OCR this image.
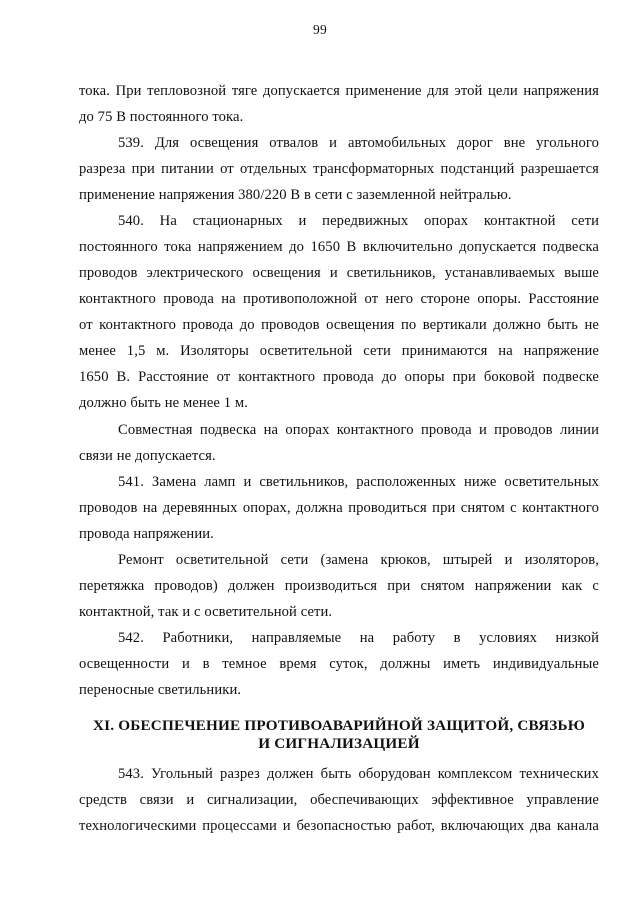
99
тока. При тепловозной тяге допускается применение для этой цели напряжения
до 75 В постоянного тока.
539. Для освещения отвалов и автомобильных дорог вне угольного
разреза при питании от отдельных трансформаторных подстанций разрешается
применение напряжения 380/220 В в сети с заземленной нейтралью.
540. На стационарных и передвижных опорах контактной сети
постоянного тока напряжением до 1650 В включительно допускается подвеска
проводов электрического освещения и светильников, устанавливаемых выше
контактного провода на противоположной от него стороне опоры. Расстояние
от контактного провода до проводов освещения по вертикали должно быть не
менее 1,5 м. Изоляторы осветительной сети принимаются на напряжение
1650 В. Расстояние от контактного провода до опоры при боковой подвеске
должно быть не менее 1 м.
Совместная подвеска на опорах контактного провода и проводов линии
связи не допускается.
541. Замена ламп и светильников, расположенных ниже осветительных
проводов на деревянных опорах, должна проводиться при снятом с контактного
провода напряжении.
Ремонт осветительной сети (замена крюков, штырей и изоляторов,
перетяжка проводов) должен производиться при снятом напряжении как с
контактной, так и с осветительной сети.
542. Работники, направляемые на работу в условиях низкой
освещенности и в темное время суток, должны иметь индивидуальные
переносные светильники.
XI. ОБЕСПЕЧЕНИЕ ПРОТИВОАВАРИЙНОЙ ЗАЩИТОЙ, СВЯЗЬЮ
И СИГНАЛИЗАЦИЕЙ
543. Угольный разрез должен быть оборудован комплексом технических
средств связи и сигнализации, обеспечивающих эффективное управление
технологическими процессами и безопасностью работ, включающих два канала
